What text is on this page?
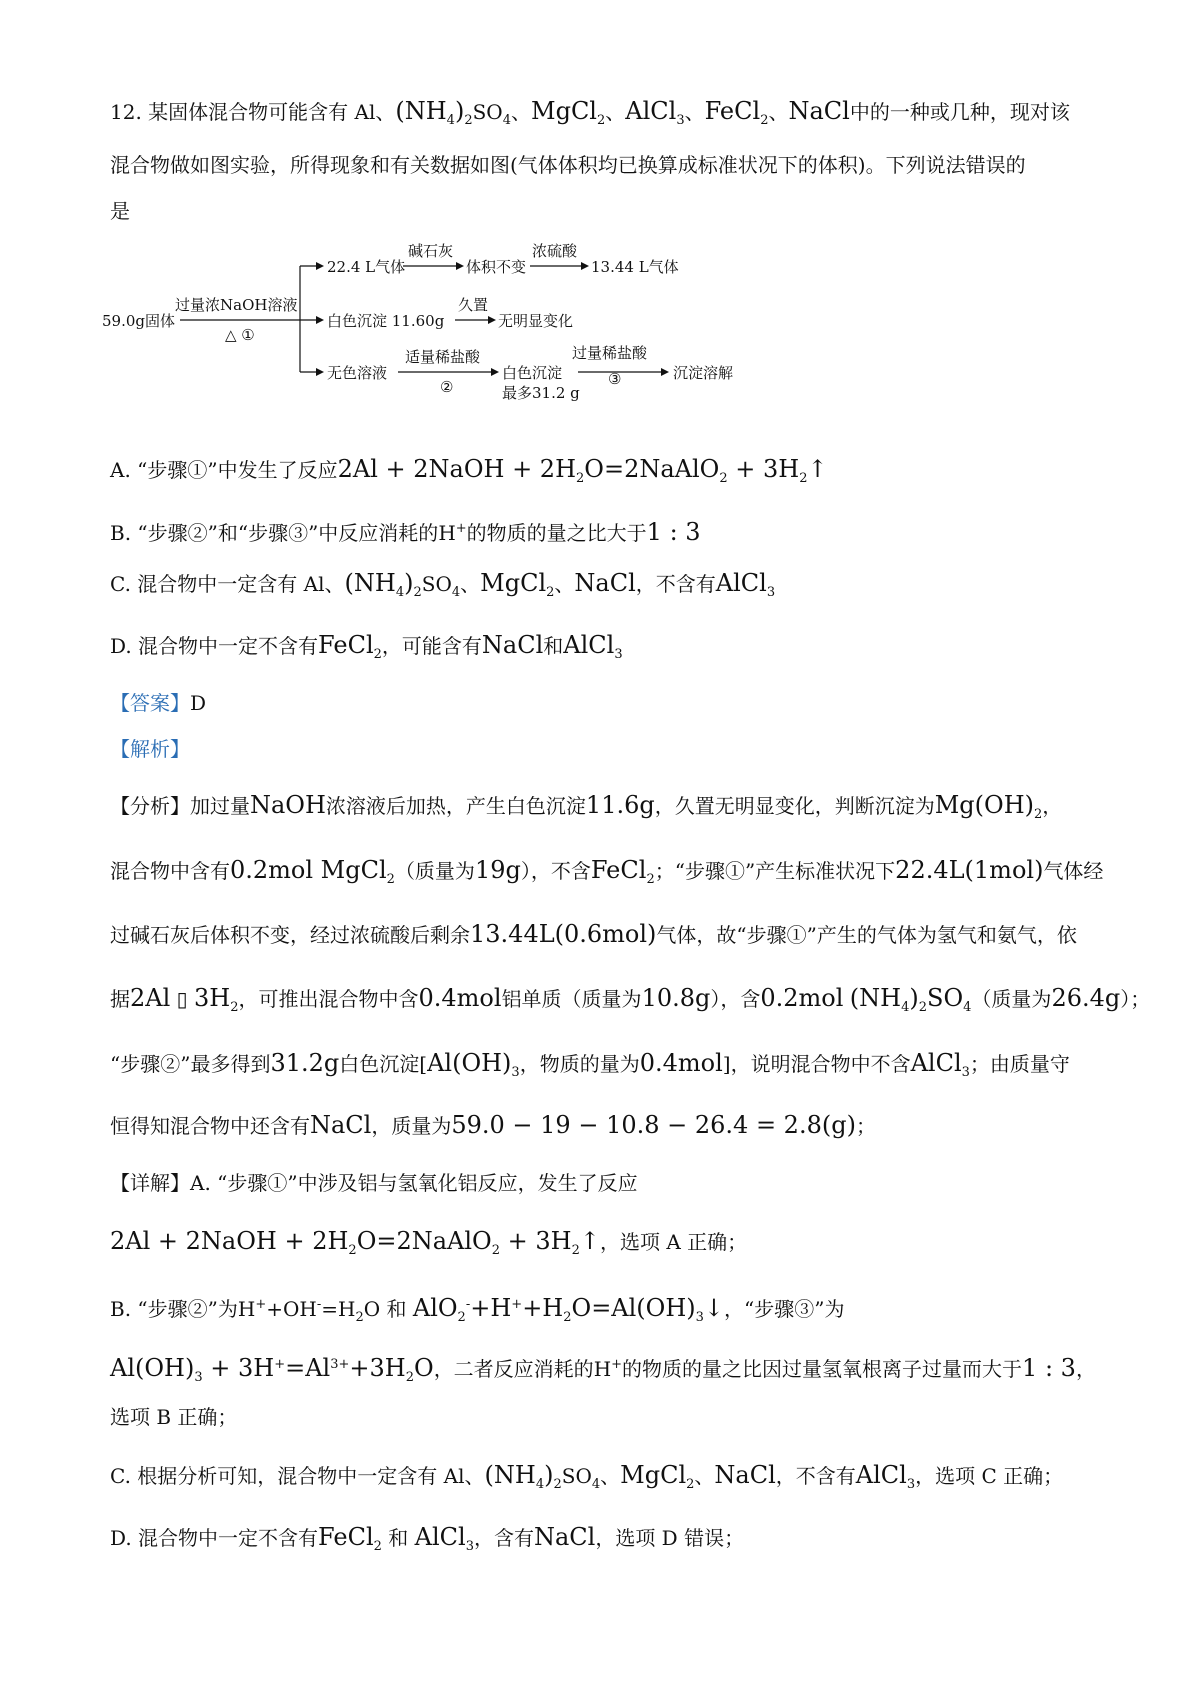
12. 某固体混合物可能含有 Al、$(NH_4)_2SO_4$、MgCl$_2$、AlCl$_3$、FeCl$_2$、NaCl中的一种或几种，现对该
混合物做如图实验，所得现象和有关数据如图(气体体积均已换算成标准状况下的体积)。下列说法错误的
是
59.0g固体
过量浓NaOH溶液
△ ①
22.4 L气体
碱石灰
体积不变
浓硫酸
13.44 L气体
白色沉淀 11.60g
久置
无明显变化
无色溶液
适量稀盐酸
②
白色沉淀
最多31.2 g
过量稀盐酸
③	沉淀溶解
A. “步骤①”中发生了反应2Al + 2NaOH + $2H_2O=2NaAlO_2$ + $3H_2↑$
B. “步骤②”和“步骤③”中反应消耗的H+的物质的量之比大于1 : 3
C. 混合物中一定含有 Al、$(NH_4)_2SO_4$、MgCl$_2$、NaCl，不含有AlCl$_3$
D. 混合物中一定不含有FeCl$_2$，可能含有NaCl和AlCl$_3$
【答案】D
【解析】
【分析】加过量NaOH浓溶液后加热，产生白色沉淀11.6g，久置无明显变化，判断沉淀为$Mg(OH)_2$，
混合物中含有0.2mol MgCl$_2$（质量为19g），不含FeCl$_2$；“步骤①”产生标准状况下22.4L(1mol)气体经
过碱石灰后体积不变，经过浓硫酸后剩余13.44L(0.6mol)气体，故“步骤①”产生的气体为氢气和氨气，依
据2Al ▯ $3H_2$，可推出混合物中含0.4mol铝单质（质量为10.8g），含0.2mol $(NH_4)_2SO_4$（质量为26.4g）；
“步骤②”最多得到31.2g白色沉淀[$Al(OH)_3$，物质的量为0.4mol]，说明混合物中不含AlCl$_3$；由质量守
恒得知混合物中还含有NaCl，质量为59.0 − 19 − 10.8 − 26.4 = 2.8(g)；
【详解】A. “步骤①”中涉及铝与氢氧化铝反应，发生了反应
2Al + 2NaOH + $2H_2O=2NaAlO_2$ + $3H_2↑$，选项 A 正确；
B. “步骤②”为$H^++OH^-=H_2O$ 和 $AlO_2^-+H^++H_2O=Al(OH)_3↓$，“步骤③”为
$Al(OH)_3 + 3H^+=Al^{3+}+3H_2O$，二者反应消耗的H+的物质的量之比因过量氢氧根离子过量而大于1 : 3，
选项 B 正确；
C. 根据分析可知，混合物中一定含有 Al、$(NH_4)_2SO_4$、MgCl$_2$、NaCl，不含有AlCl$_3$，选项 C 正确；
D. 混合物中一定不含有FeCl$_2$ 和 AlCl$_3$，含有NaCl，选项 D 错误；
